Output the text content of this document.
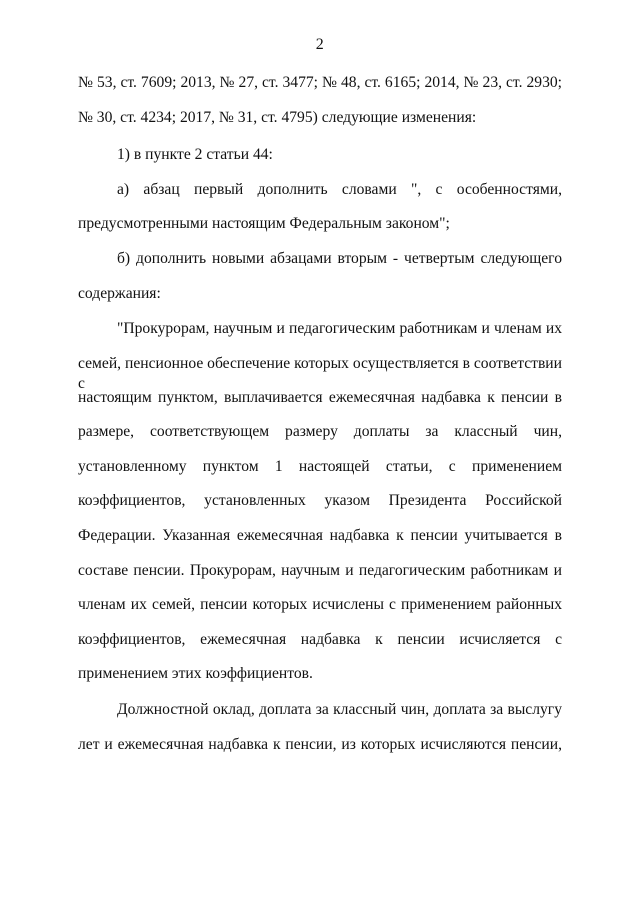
2
№ 53, ст. 7609; 2013, № 27, ст. 3477; № 48, ст. 6165; 2014, № 23, ст. 2930;
№ 30, ст. 4234; 2017, № 31, ст. 4795) следующие изменения:
1) в пункте 2 статьи 44:
а) абзац первый дополнить словами ", с особенностями,
предусмотренными настоящим Федеральным законом";
б) дополнить новыми абзацами вторым - четвертым следующего
содержания:
"Прокурорам, научным и педагогическим работникам и членам их
семей, пенсионное обеспечение которых осуществляется в соответствии с
настоящим пунктом, выплачивается ежемесячная надбавка к пенсии в
размере, соответствующем размеру доплаты за классный чин,
установленному пунктом 1 настоящей статьи, с применением
коэффициентов, установленных указом Президента Российской
Федерации. Указанная ежемесячная надбавка к пенсии учитывается в
составе пенсии. Прокурорам, научным и педагогическим работникам и
членам их семей, пенсии которых исчислены с применением районных
коэффициентов, ежемесячная надбавка к пенсии исчисляется с
применением этих коэффициентов.
Должностной оклад, доплата за классный чин, доплата за выслугу
лет и ежемесячная надбавка к пенсии, из которых исчисляются пенсии,
